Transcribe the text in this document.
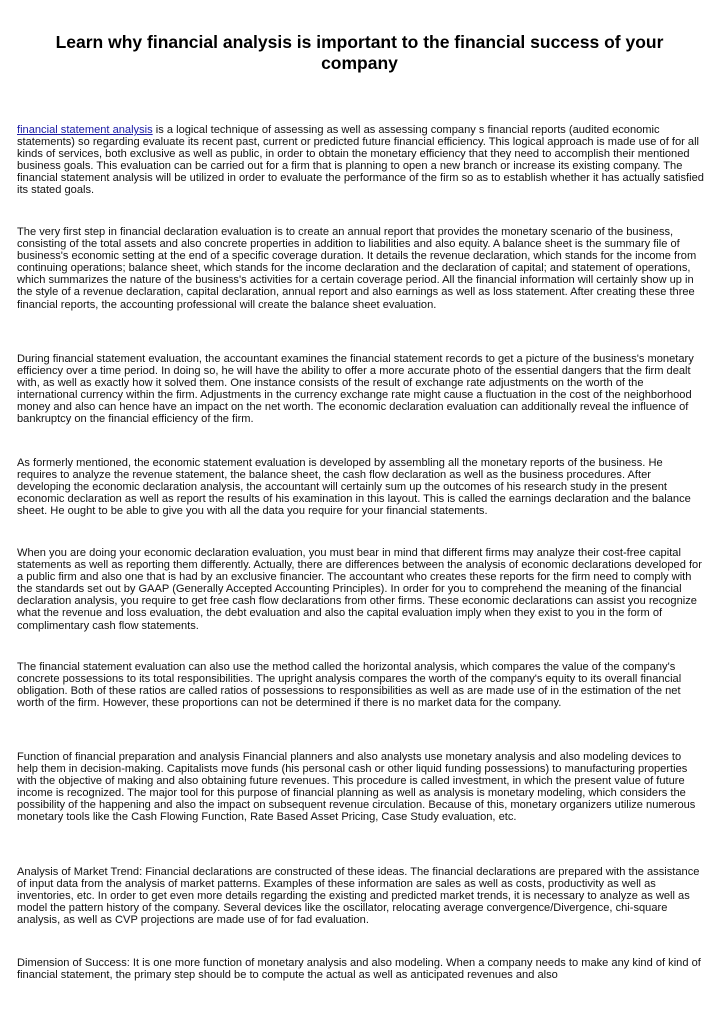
Learn why financial analysis is important to the financial success of your company

financial statement analysis is a logical technique of assessing as well as assessing company s financial reports (audited economic statements) so regarding evaluate its recent past, current or predicted future financial efficiency. This logical approach is made use of for all kinds of services, both exclusive as well as public, in order to obtain the monetary efficiency that they need to accomplish their mentioned business goals. This evaluation can be carried out for a firm that is planning to open a new branch or increase its existing company. The financial statement analysis will be utilized in order to evaluate the performance of the firm so as to establish whether it has actually satisfied its stated goals.

The very first step in financial declaration evaluation is to create an annual report that provides the monetary scenario of the business, consisting of the total assets and also concrete properties in addition to liabilities and also equity. A balance sheet is the summary file of business's economic setting at the end of a specific coverage duration. It details the revenue declaration, which stands for the income from continuing operations; balance sheet, which stands for the income declaration and the declaration of capital; and statement of operations, which summarizes the nature of the business's activities for a certain coverage period. All the financial information will certainly show up in the style of a revenue declaration, capital declaration, annual report and also earnings as well as loss statement. After creating these three financial reports, the accounting professional will create the balance sheet evaluation.

During financial statement evaluation, the accountant examines the financial statement records to get a picture of the business's monetary efficiency over a time period. In doing so, he will have the ability to offer a more accurate photo of the essential dangers that the firm dealt with, as well as exactly how it solved them. One instance consists of the result of exchange rate adjustments on the worth of the international currency within the firm. Adjustments in the currency exchange rate might cause a fluctuation in the cost of the neighborhood money and also can hence have an impact on the net worth. The economic declaration evaluation can additionally reveal the influence of bankruptcy on the financial efficiency of the firm.

As formerly mentioned, the economic statement evaluation is developed by assembling all the monetary reports of the business. He requires to analyze the revenue statement, the balance sheet, the cash flow declaration as well as the business procedures. After developing the economic declaration analysis, the accountant will certainly sum up the outcomes of his research study in the present economic declaration as well as report the results of his examination in this layout. This is called the earnings declaration and the balance sheet. He ought to be able to give you with all the data you require for your financial statements.

When you are doing your economic declaration evaluation, you must bear in mind that different firms may analyze their cost-free capital statements as well as reporting them differently. Actually, there are differences between the analysis of economic declarations developed for a public firm and also one that is had by an exclusive financier. The accountant who creates these reports for the firm need to comply with the standards set out by GAAP (Generally Accepted Accounting Principles). In order for you to comprehend the meaning of the financial declaration analysis, you require to get free cash flow declarations from other firms. These economic declarations can assist you recognize what the revenue and loss evaluation, the debt evaluation and also the capital evaluation imply when they exist to you in the form of complimentary cash flow statements.

The financial statement evaluation can also use the method called the horizontal analysis, which compares the value of the company's concrete possessions to its total responsibilities. The upright analysis compares the worth of the company's equity to its overall financial obligation. Both of these ratios are called ratios of possessions to responsibilities as well as are made use of in the estimation of the net worth of the firm. However, these proportions can not be determined if there is no market data for the company.

Function of financial preparation and analysis Financial planners and also analysts use monetary analysis and also modeling devices to help them in decision-making. Capitalists move funds (his personal cash or other liquid funding possessions) to manufacturing properties with the objective of making and also obtaining future revenues. This procedure is called investment, in which the present value of future income is recognized. The major tool for this purpose of financial planning as well as analysis is monetary modeling, which considers the possibility of the happening and also the impact on subsequent revenue circulation. Because of this, monetary organizers utilize numerous monetary tools like the Cash Flowing Function, Rate Based Asset Pricing, Case Study evaluation, etc.

Analysis of Market Trend: Financial declarations are constructed of these ideas. The financial declarations are prepared with the assistance of input data from the analysis of market patterns. Examples of these information are sales as well as costs, productivity as well as inventories, etc. In order to get even more details regarding the existing and predicted market trends, it is necessary to analyze as well as model the pattern history of the company. Several devices like the oscillator, relocating average convergence/Divergence, chi-square analysis, as well as CVP projections are made use of for fad evaluation.

Dimension of Success: It is one more function of monetary analysis and also modeling. When a company needs to make any kind of kind of financial statement, the primary step should be to compute the actual as well as anticipated revenues and also
